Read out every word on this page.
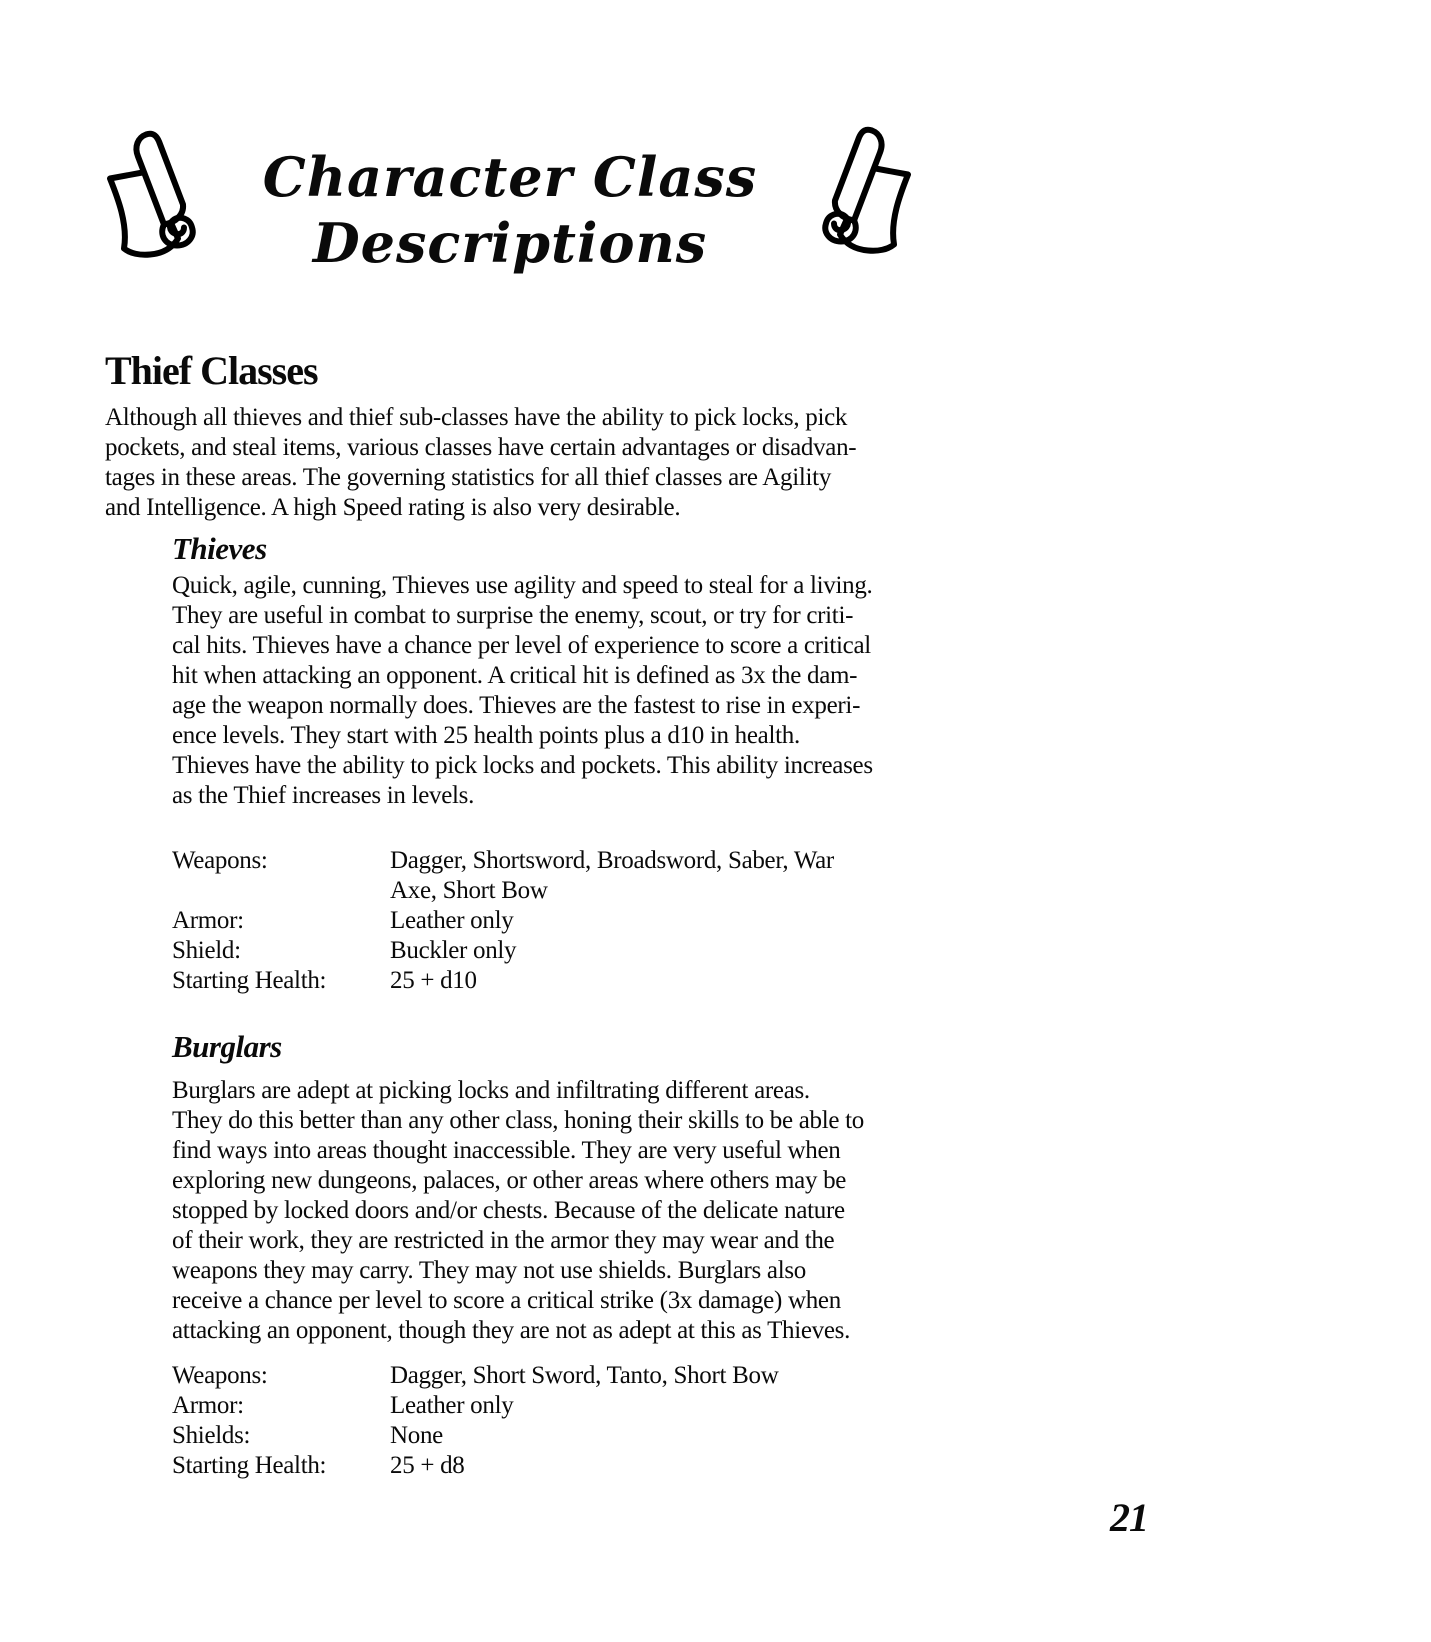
Character Class
Descriptions
Thief Classes
Although all thieves and thief sub-classes have the ability to pick locks, pick
pockets, and steal items, various classes have certain advantages or disadvan-
tages in these areas. The governing statistics for all thief classes are Agility
and Intelligence. A high Speed rating is also very desirable.
Thieves
Quick, agile, cunning, Thieves use agility and speed to steal for a living.
They are useful in combat to surprise the enemy, scout, or try for criti-
cal hits. Thieves have a chance per level of experience to score a critical
hit when attacking an opponent. A critical hit is defined as 3x the dam-
age the weapon normally does. Thieves are the fastest to rise in experi-
ence levels. They start with 25 health points plus a d10 in health.
Thieves have the ability to pick locks and pockets. This ability increases
as the Thief increases in levels.
Weapons:	Dagger, Shortsword, Broadsword, Saber, War
Axe, Short Bow
Armor:	Leather only
Shield:	Buckler only
Starting Health:	25 + d10
Burglars
Burglars are adept at picking locks and infiltrating different areas.
They do this better than any other class, honing their skills to be able to
find ways into areas thought inaccessible. They are very useful when
exploring new dungeons, palaces, or other areas where others may be
stopped by locked doors and/or chests. Because of the delicate nature
of their work, they are restricted in the armor they may wear and the
weapons they may carry. They may not use shields. Burglars also
receive a chance per level to score a critical strike (3x damage) when
attacking an opponent, though they are not as adept at this as Thieves.
Weapons:	Dagger, Short Sword, Tanto, Short Bow
Armor:	Leather only
Shields:	None
Starting Health:	25 + d8
21
